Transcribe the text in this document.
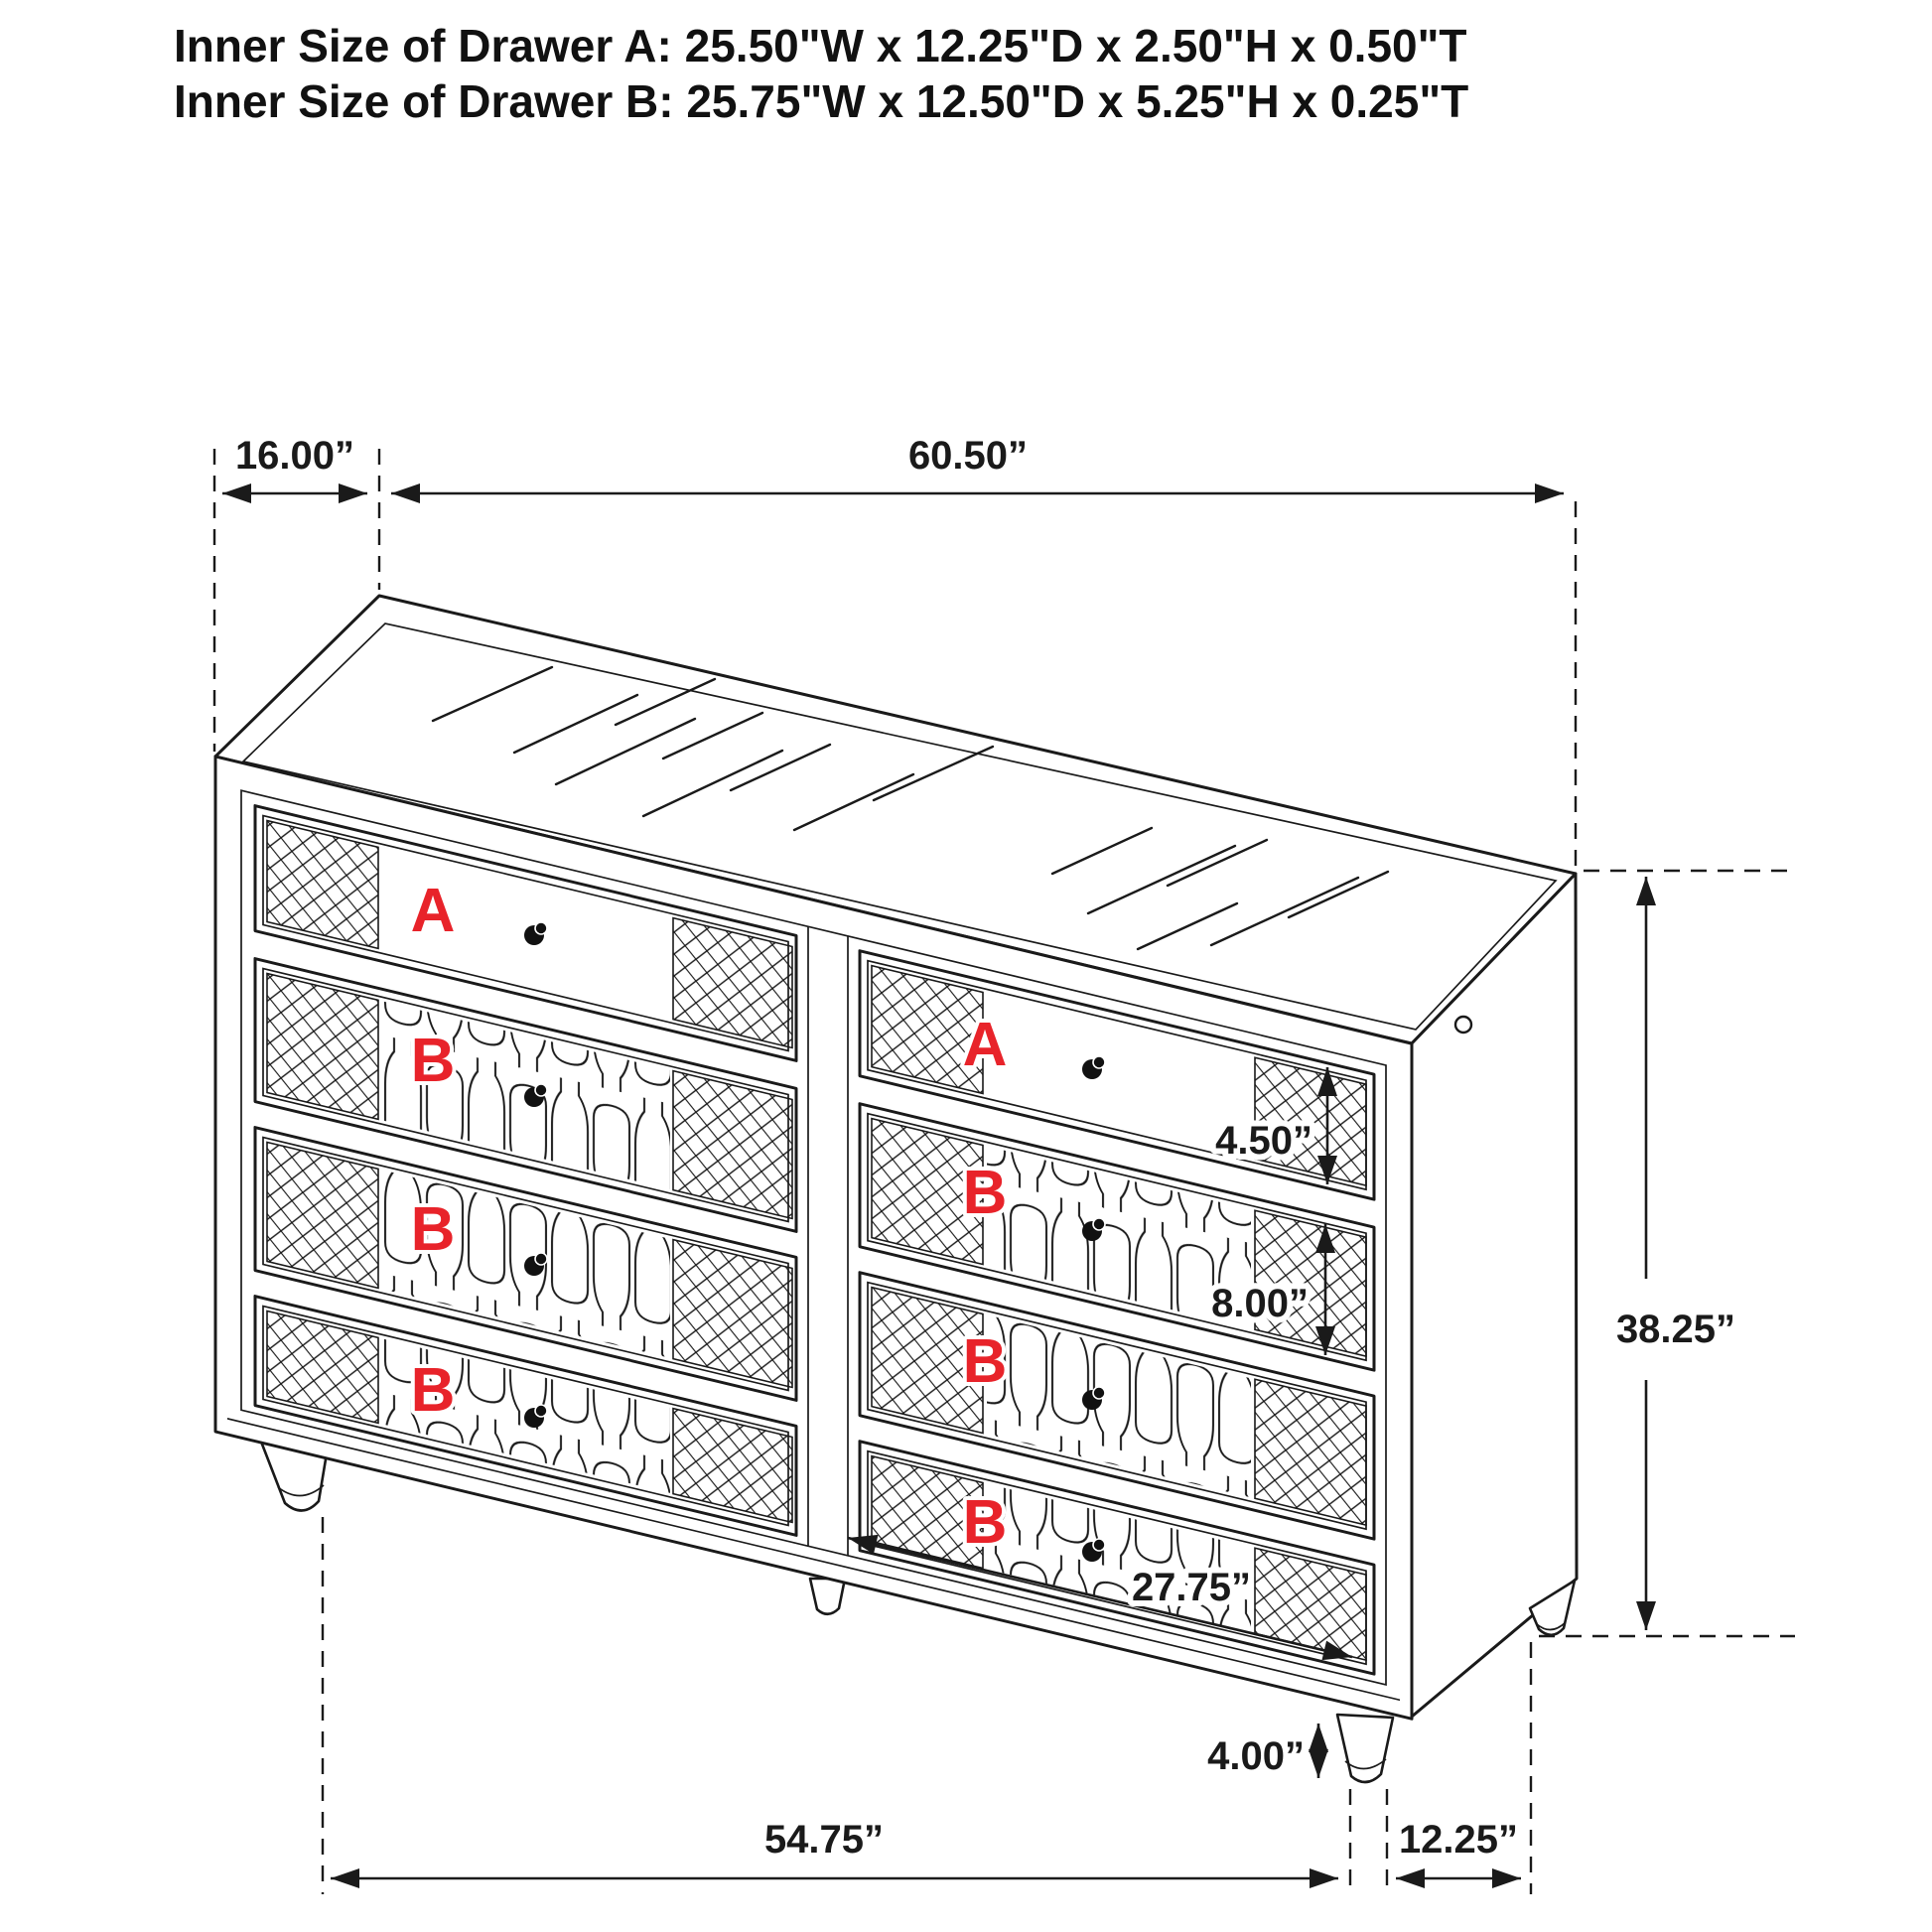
Inner Size of Drawer A: 25.50"W x 12.25"D x 2.50"H x 0.50"T
Inner Size of Drawer B: 25.75"W x 12.50"D x 5.25"H x 0.25"T
A
B
B
B
A
B
B
B
16.00”	60.50”
38.25”
4.50”
8.00”
27.75”
4.00”
54.75”	12.25”
